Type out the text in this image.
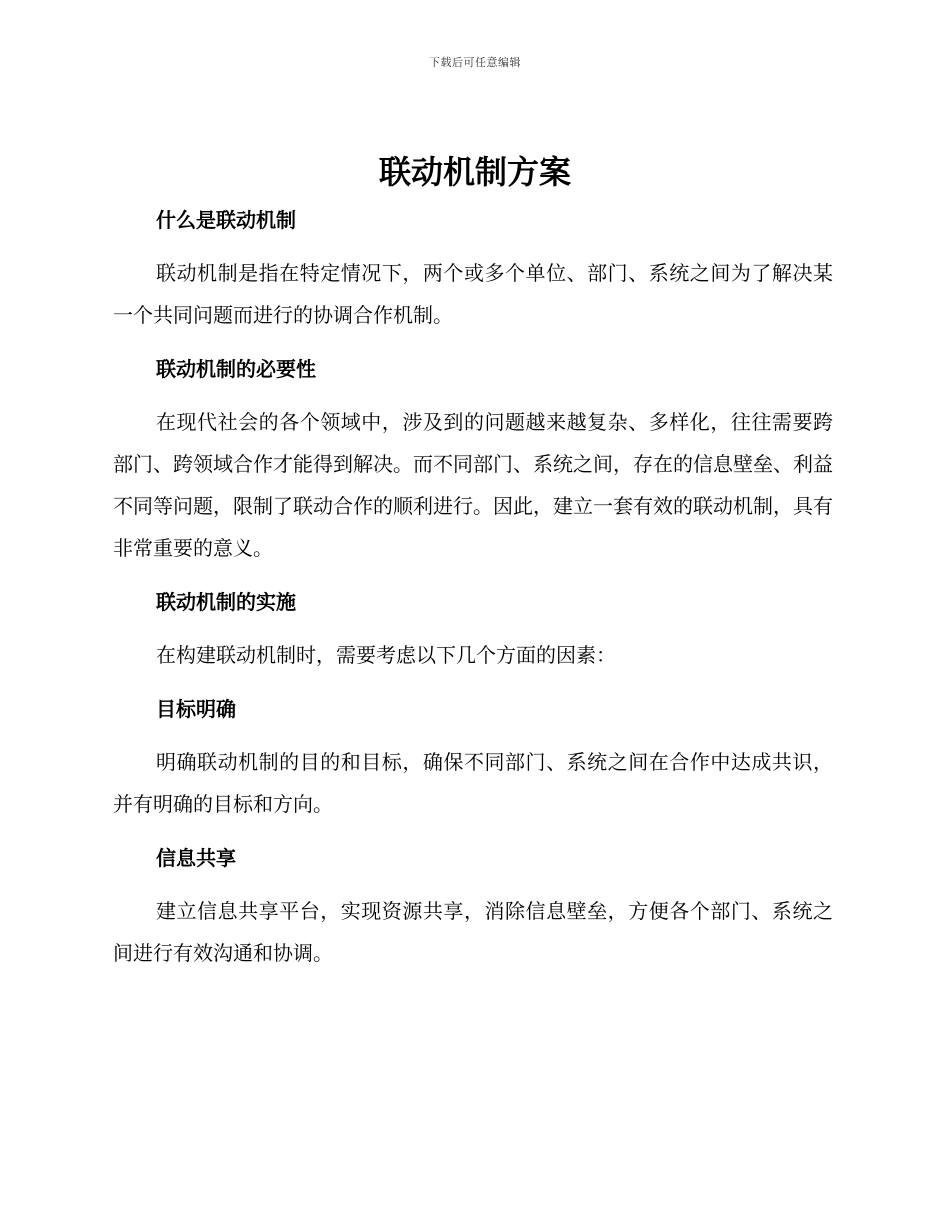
下载后可任意编辑
联动机制方案
什么是联动机制

联动机制是指在特定情况下，两个或多个单位、部门、系统之间为了解决某一个共同问题而进行的协调合作机制。

联动机制的必要性

在现代社会的各个领域中，涉及到的问题越来越复杂、多样化，往往需要跨部门、跨领域合作才能得到解决。而不同部门、系统之间，存在的信息壁垒、利益不同等问题，限制了联动合作的顺利进行。因此，建立一套有效的联动机制，具有非常重要的意义。

联动机制的实施

在构建联动机制时，需要考虑以下几个方面的因素：

目标明确

明确联动机制的目的和目标，确保不同部门、系统之间在合作中达成共识，并有明确的目标和方向。

信息共享

建立信息共享平台，实现资源共享，消除信息壁垒，方便各个部门、系统之间进行有效沟通和协调。
